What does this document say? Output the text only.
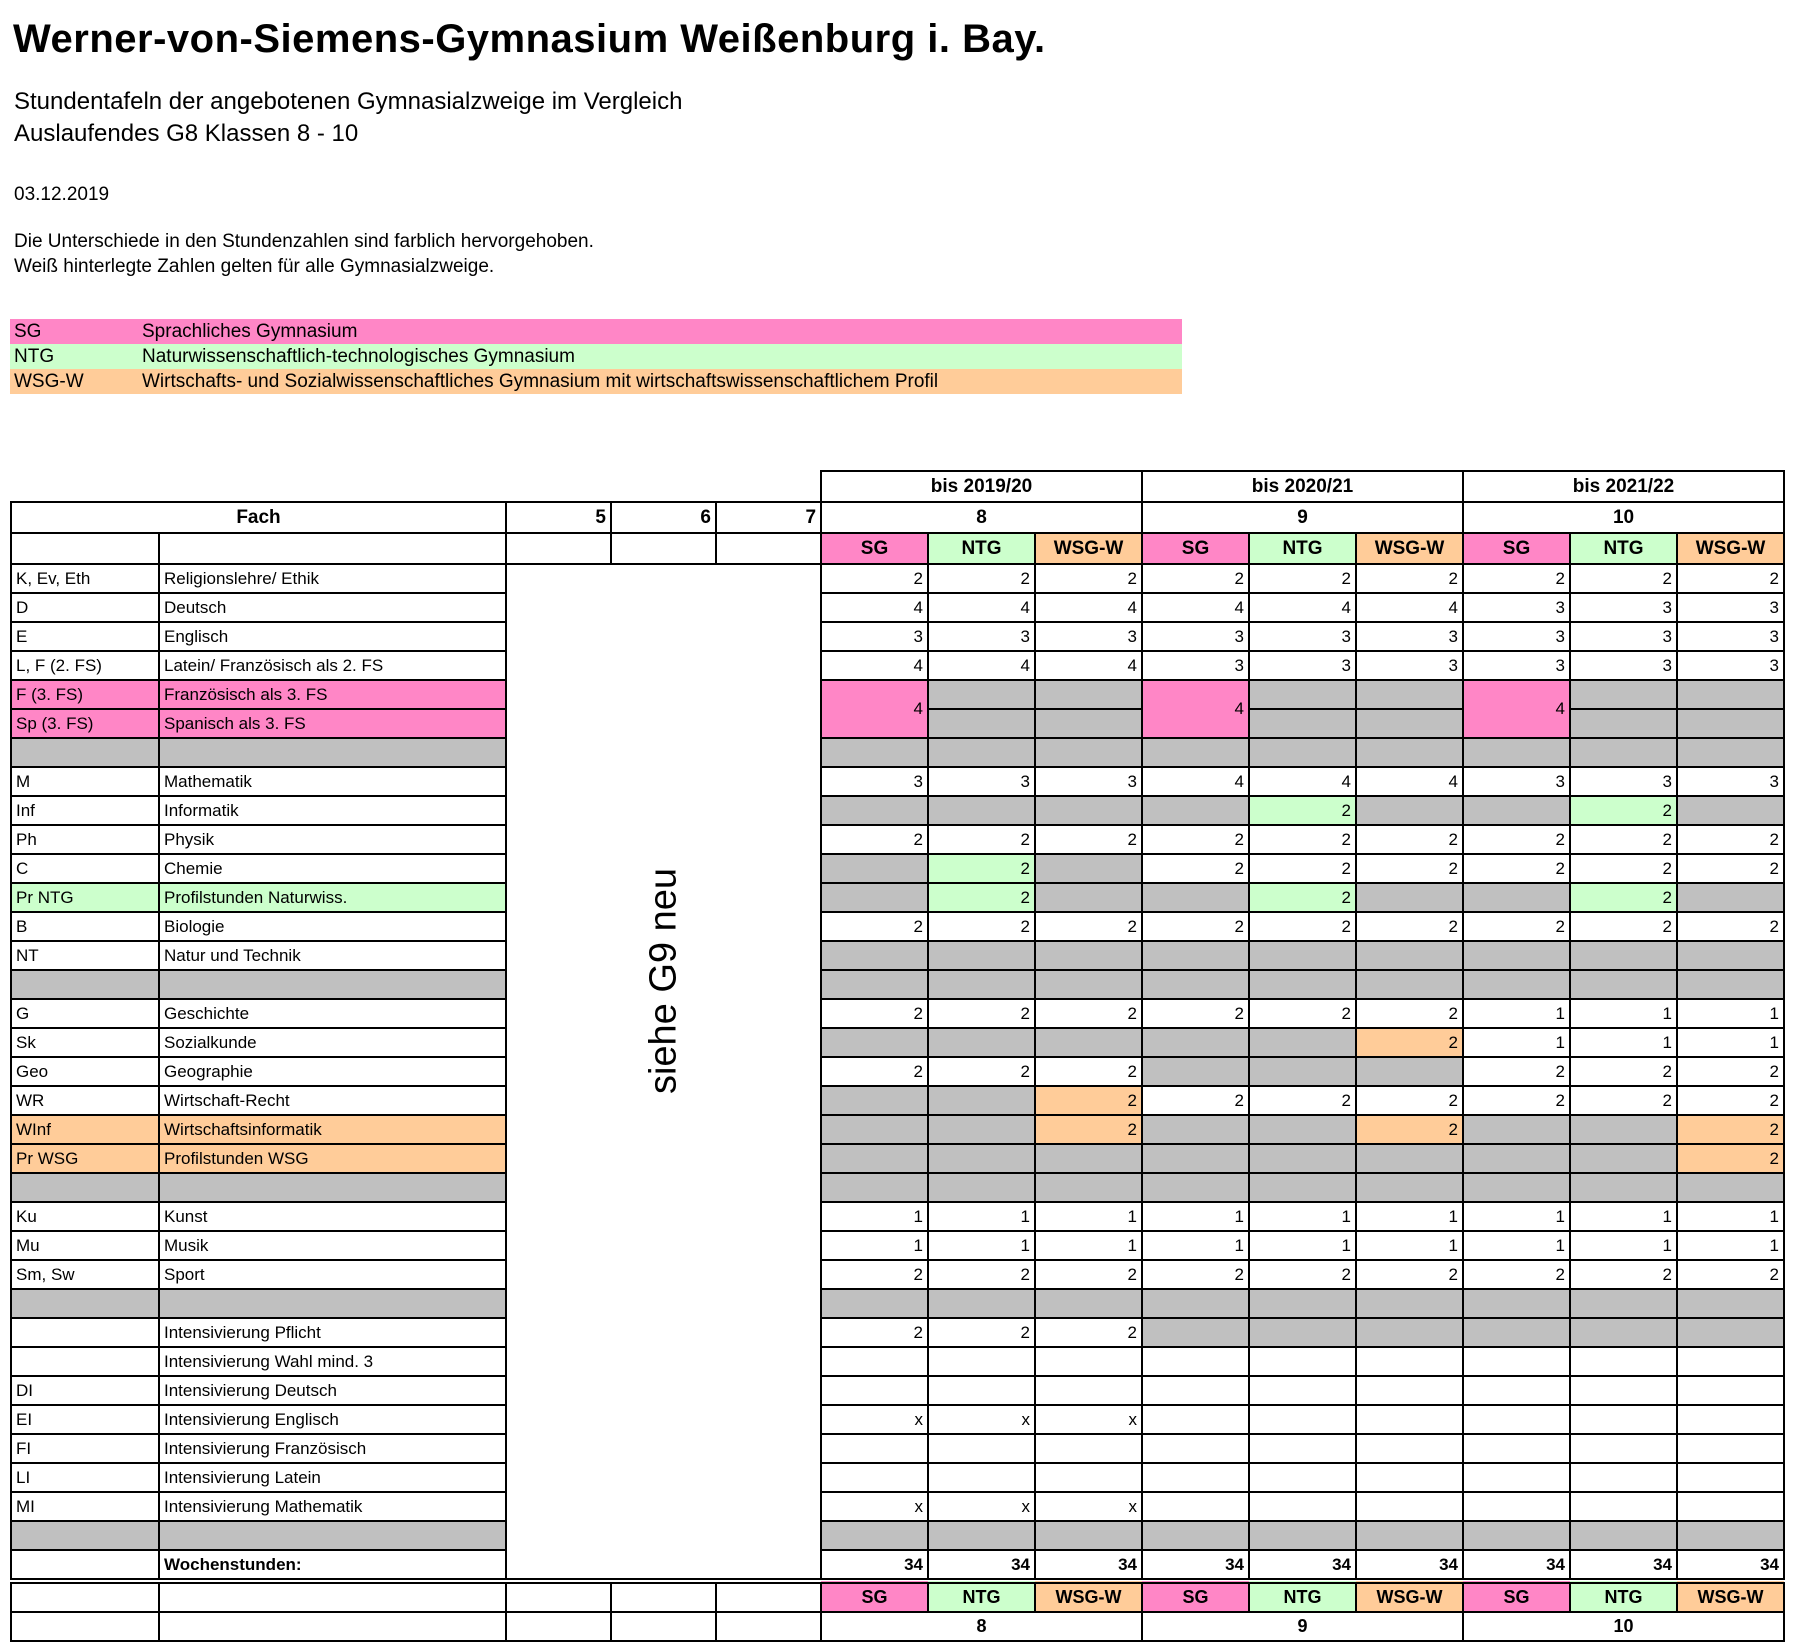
Werner-von-Siemens-Gymnasium Weißenburg i. Bay.
Stundentafeln der angebotenen Gymnasialzweige im Vergleich
Auslaufendes G8 Klassen 8 - 10
03.12.2019
Die Unterschiede in den Stundenzahlen sind farblich hervorgehoben.
Weiß hinterlegte Zahlen gelten für alle Gymnasialzweige.
SG	Sprachliches Gymnasium
NTG	Naturwissenschaftlich-technologisches Gymnasium
WSG-W	Wirtschafts- und Sozialwissenschaftliches Gymnasium mit wirtschaftswissenschaftlichem Profil
					bis 2019/20			bis 2020/21			bis 2021/22		
Fach		5	6	7	8			9			10		
					SG	NTG	WSG-W	SG	NTG	WSG-W	SG	NTG	WSG-W
K, Ev, Eth	Religionslehre/ Ethik	siehe G9 neu			2	2	2	2	2	2	2	2	2
D	Deutsch				4	4	4	4	4	4	3	3	3
E	Englisch				3	3	3	3	3	3	3	3	3
L, F (2. FS)	Latein/ Französisch als 2. FS				4	4	4	3	3	3	3	3	3
F (3. FS)	Französisch als 3. FS				4			4			4		
Sp (3. FS)	Spanisch als 3. FS												

M	Mathematik				3	3	3	4	4	4	3	3	3
Inf	Informatik								2			2	
Ph	Physik				2	2	2	2	2	2	2	2	2
C	Chemie					2		2	2	2	2	2	2
Pr NTG	Profilstunden Naturwiss.					2			2			2	
B	Biologie				2	2	2	2	2	2	2	2	2
NT	Natur und Technik												

G	Geschichte				2	2	2	2	2	2	1	1	1
Sk	Sozialkunde									2	1	1	1
Geo	Geographie				2	2	2				2	2	2
WR	Wirtschaft-Recht						2	2	2	2	2	2	2
WInf	Wirtschaftsinformatik						2			2			2
Pr WSG	Profilstunden WSG												2

Ku	Kunst				1	1	1	1	1	1	1	1	1
Mu	Musik				1	1	1	1	1	1	1	1	1
Sm, Sw	Sport				2	2	2	2	2	2	2	2	2

	Intensivierung Pflicht				2	2	2						
	Intensivierung Wahl mind. 3												
DI	Intensivierung Deutsch												
EI	Intensivierung Englisch				x	x	x						
FI	Intensivierung Französisch												
LI	Intensivierung Latein												
MI	Intensivierung Mathematik				x	x	x						

	Wochenstunden:				34	34	34	34	34	34	34	34	34
					SG	NTG	WSG-W	SG	NTG	WSG-W	SG	NTG	WSG-W
					8			9			10		
